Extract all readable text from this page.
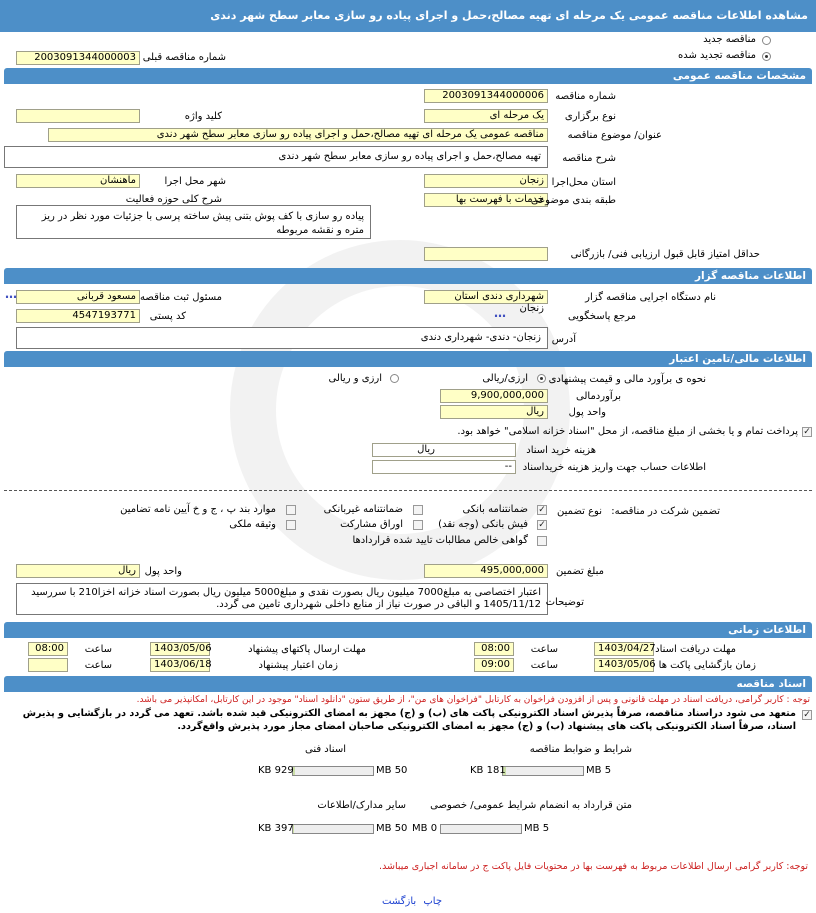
مشاهده اطلاعات مناقصه عمومی یک مرحله ای تهیه مصالح،حمل و اجرای پیاده رو سازی معابر سطح شهر دندی
مناقصه جدید
مناقصه تجدید شده
شماره مناقصه قبلی
2003091344000003
مشخصات مناقصه عمومی
2003091344000006	شماره مناقصه
یک مرحله ای	نوع برگزاری
کلید واژه
مناقصه عمومی یک مرحله ای تهیه مصالح،حمل و اجرای پیاده رو سازی معابر سطح شهر دندی	عنوان/ موضوع مناقصه
تهیه مصالح،حمل و اجرای پیاده رو سازی معابر سطح شهر دندی	شرح مناقصه
زنجان استان محل‌اجرا
ماهنشان	شهر محل اجرا
خدمات با فهرست بها
طبقه بندی موضوعی
شرح کلی حوزه فعالیت
پیاده رو سازی با کف پوش بتنی پیش ساخته پرسی با جزئیات مورد نظر در ریز متره و نقشه مربوطه
حداقل امتیاز قابل قبول ارزیابی فنی/ بازرگانی
اطلاعات مناقصه گزار
شهرداری دندی استان زنجان
نام دستگاه اجرایی مناقصه گزار
مسعود قربانی مسئول ثبت مناقصه
…
مرجع پاسخگویی
…
4547193771	کد پستی
زنجان- دندی- شهرداری دندی	آدرس
اطلاعات مالی/تامین اعتبار
نحوه ی برآورد مالی و قیمت پیشنهادی
ارزی/ریالی
ارزی و ریالی
9,900,000,000	برآوردمالی
ریال	واحد پول
✓
پرداخت تمام و یا بخشی از مبلغ مناقصه، از محل "اسناد خزانه اسلامی" خواهد بود.
ریال	هزینه خرید اسناد
--	اطلاعات حساب جهت واریز هزینه خریداسناد
تضمین شرکت در مناقصه:
نوع تضمین
✓
ضمانتنامه بانکی
ضمانتنامه غیربانکی
موارد بند پ ، ج و خ آیین نامه تضامین
✓
فیش بانکی (وجه نقد)
اوراق مشارکت
وثیقه ملکی
گواهی خالص مطالبات تایید شده قراردادها
495,000,000	مبلغ تضمین
ریال واحد پول
اعتبار اختصاصی به مبلغ7000 میلیون ریال بصورت نقدی و مبلغ5000 میلیون ریال بصورت اسناد خزانه اخزا210 با سررسید 1405/11/12 و الباقی در صورت نیاز از منابع داخلی شهرداری تامین می گردد. توضیحات
اطلاعات زمانی
1403/04/27 مهلت دریافت اسناد
08:00	ساعت
1403/05/06	مهلت ارسال پاکتهای پیشنهاد
08:00	ساعت
1403/05/06 زمان بازگشایی پاکت ها
09:00	ساعت
1403/06/18	زمان اعتبار پیشنهاد
ساعت
اسناد مناقصه
توجه : کاربر گرامی، دریافت اسناد در مهلت قانونی و پس از افزودن فراخوان به کارتابل "فراخوان های من"، از طریق ستون "دانلود اسناد" موجود در این کارتابل، امکانپذیر می باشد.
✓
متعهد می شود دراسناد مناقصه، صرفاً پذیرش اسناد الکترونیکی پاکت های (ب) و (ج) مجهز به امضای الکترونیکی قید شده باشد. تعهد می گردد در بازگشایی و پذیرش اسناد، صرفاً اسناد الکترونیکی پاکت های پیشنهاد (ب) و (ج) مجهز به امضای الکترونیکی صاحبان امضای مجاز مورد پذیرش واقع‌گردد.
شرایط و ضوابط مناقصه
5 MB
181 KB
اسناد فنی
50 MB
929 KB
متن قرارداد به انضمام شرایط عمومی/ خصوصی
5 MB
0 MB
سایر مدارک/اطلاعات
50 MB
397 KB
توجه: کاربر گرامی ارسال اطلاعات مربوط به فهرست بها در محتویات فایل پاکت ج در سامانه اجباری میباشد.
چاپ بازگشت
